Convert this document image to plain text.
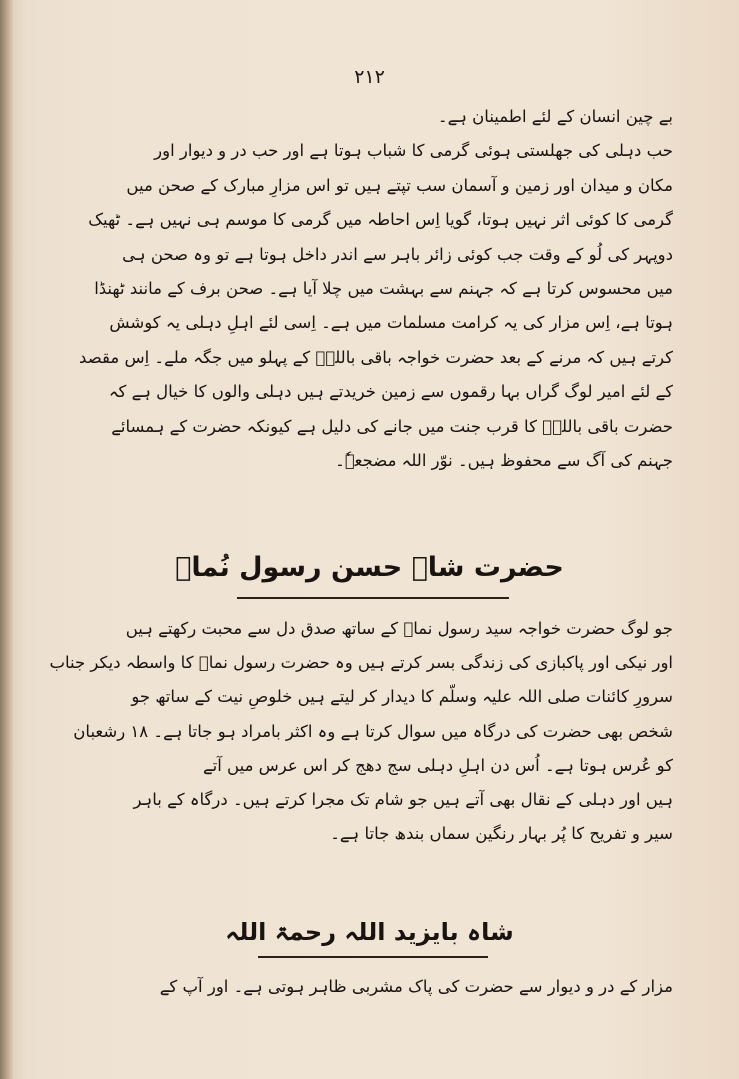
۲۱۲
بے چین انسان کے لئے اطمینان ہے۔
حب دہلی کی جھلستی ہوئی گرمی کا شباب ہوتا ہے اور حب در و دیوار اور
مکان و میدان اور زمین و آسمان سب تپتے ہیں تو اس مزارِ مبارک کے صحن میں
گرمی کا کوئی اثر نہیں ہوتا، گویا اِس احاطہ میں گرمی کا موسم ہی نہیں ہے۔ ٹھیک
دوپہر کی لُو کے وقت جب کوئی زائر باہر سے اندر داخل ہوتا ہے تو وہ صحن ہی
میں محسوس کرتا ہے کہ جہنم سے بہشت میں چلا آیا ہے۔ صحن برف کے مانند ٹھنڈا
ہوتا ہے، اِس مزار کی یہ کرامت مسلمات میں ہے۔ اِسی لئے اہلِ دہلی یہ کوشش
کرتے ہیں کہ مرنے کے بعد حضرت خواجہ باقی باللہؒ کے پہلو میں جگہ ملے۔ اِس مقصد
کے لئے امیر لوگ گراں بہا رقموں سے زمین خریدتے ہیں دہلی والوں کا خیال ہے کہ
حضرت باقی باللہؒ کا قرب جنت میں جانے کی دلیل ہے کیونکہ حضرت کے ہمسائے
جہنم کی آگ سے محفوظ ہیں۔ نوّر اللہ مضجعہٗ۔
حضرت شاہ حسن رسول نُماؒ
جو لوگ حضرت خواجہ سید رسول نماؒ کے ساتھ صدق دل سے محبت رکھتے ہیں
اور نیکی اور پاکبازی کی زندگی بسر کرتے ہیں وہ حضرت رسول نماؒ کا واسطہ دیکر جناب
سرورِ کائنات صلی اللہ علیہ وسلّم کا دیدار کر لیتے ہیں خلوصِ نیت کے ساتھ جو
شخص بھی حضرت کی درگاہ میں سوال کرتا ہے وہ اکثر بامراد ہو جاتا ہے۔ ۱۸ رشعبان
کو عُرس ہوتا ہے۔ اُس دن اہلِ دہلی سج دھج کر اس عرس میں آتے
ہیں اور دہلی کے نقال بھی آتے ہیں جو شام تک مجرا کرتے ہیں۔ درگاہ کے باہر
سیر و تفریح کا پُر بہار رنگین سماں بندھ جاتا ہے۔
شاہ بایزید اللہ رحمۃ اللہ
مزار کے در و دیوار سے حضرت کی پاک مشربی ظاہر ہوتی ہے۔ اور آپ کے
